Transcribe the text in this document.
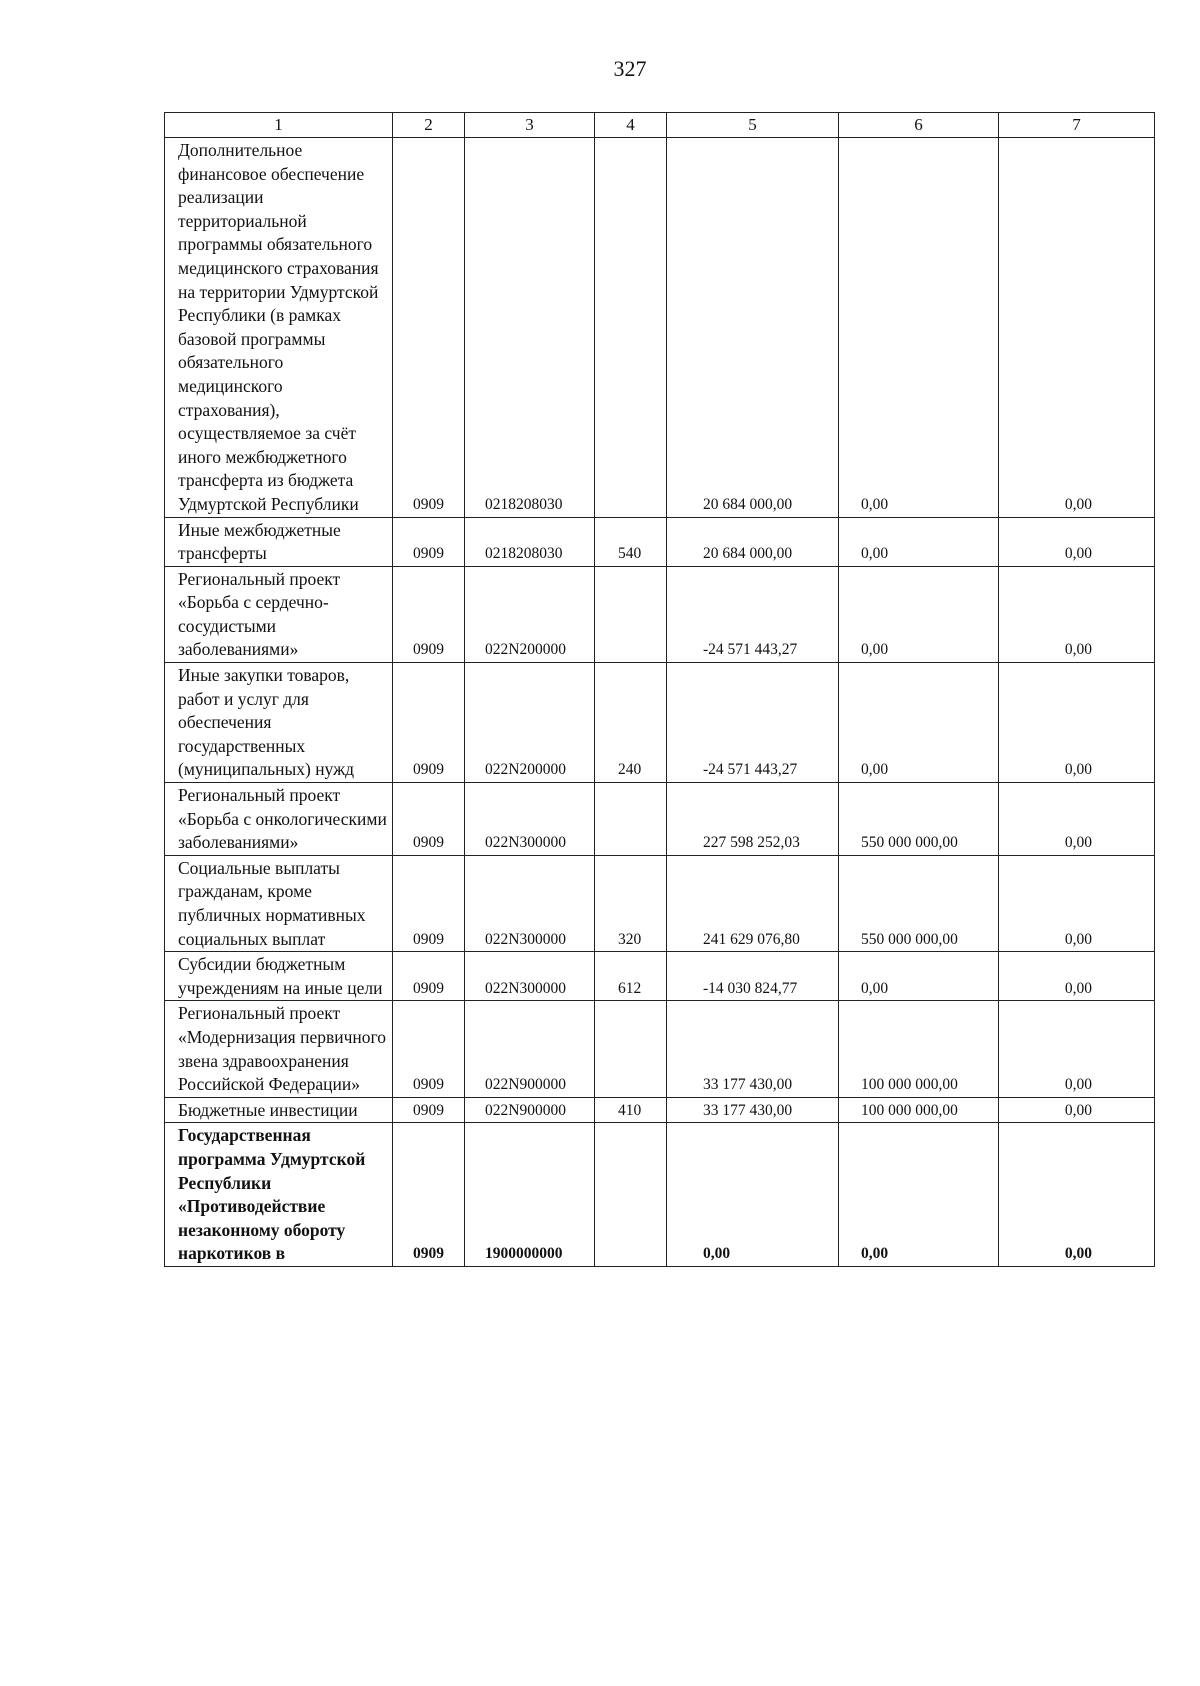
327
1	2	3	4	5	6	7
Дополнительное финансовое обеспечение реализации территориальной программы обязательного медицинского страхования на территории Удмуртской Республики (в рамках базовой программы обязательного медицинского страхования), осуществляемое за счёт иного межбюджетного трансферта из бюджета Удмуртской Республики	0909	0218208030		20 684 000,00	0,00	0,00
Иные межбюджетные трансферты	0909	0218208030	540	20 684 000,00	0,00	0,00
Региональный проект «Борьба с сердечно-сосудистыми заболеваниями»	0909	022N200000		-24 571 443,27	0,00	0,00
Иные закупки товаров, работ и услуг для обеспечения государственных (муниципальных) нужд	0909	022N200000	240	-24 571 443,27	0,00	0,00
Региональный проект «Борьба с онкологическими заболеваниями»	0909	022N300000		227 598 252,03	550 000 000,00	0,00
Социальные выплаты гражданам, кроме публичных нормативных социальных выплат	0909	022N300000	320	241 629 076,80	550 000 000,00	0,00
Субсидии бюджетным учреждениям на иные цели	0909	022N300000	612	-14 030 824,77	0,00	0,00
Региональный проект «Модернизация первичного звена здравоохранения Российской Федерации»	0909	022N900000		33 177 430,00	100 000 000,00	0,00
Бюджетные инвестиции	0909	022N900000	410	33 177 430,00	100 000 000,00	0,00
Государственная программа Удмуртской Республики «Противодействие незаконному обороту наркотиков в	0909	1900000000		0,00	0,00	0,00
